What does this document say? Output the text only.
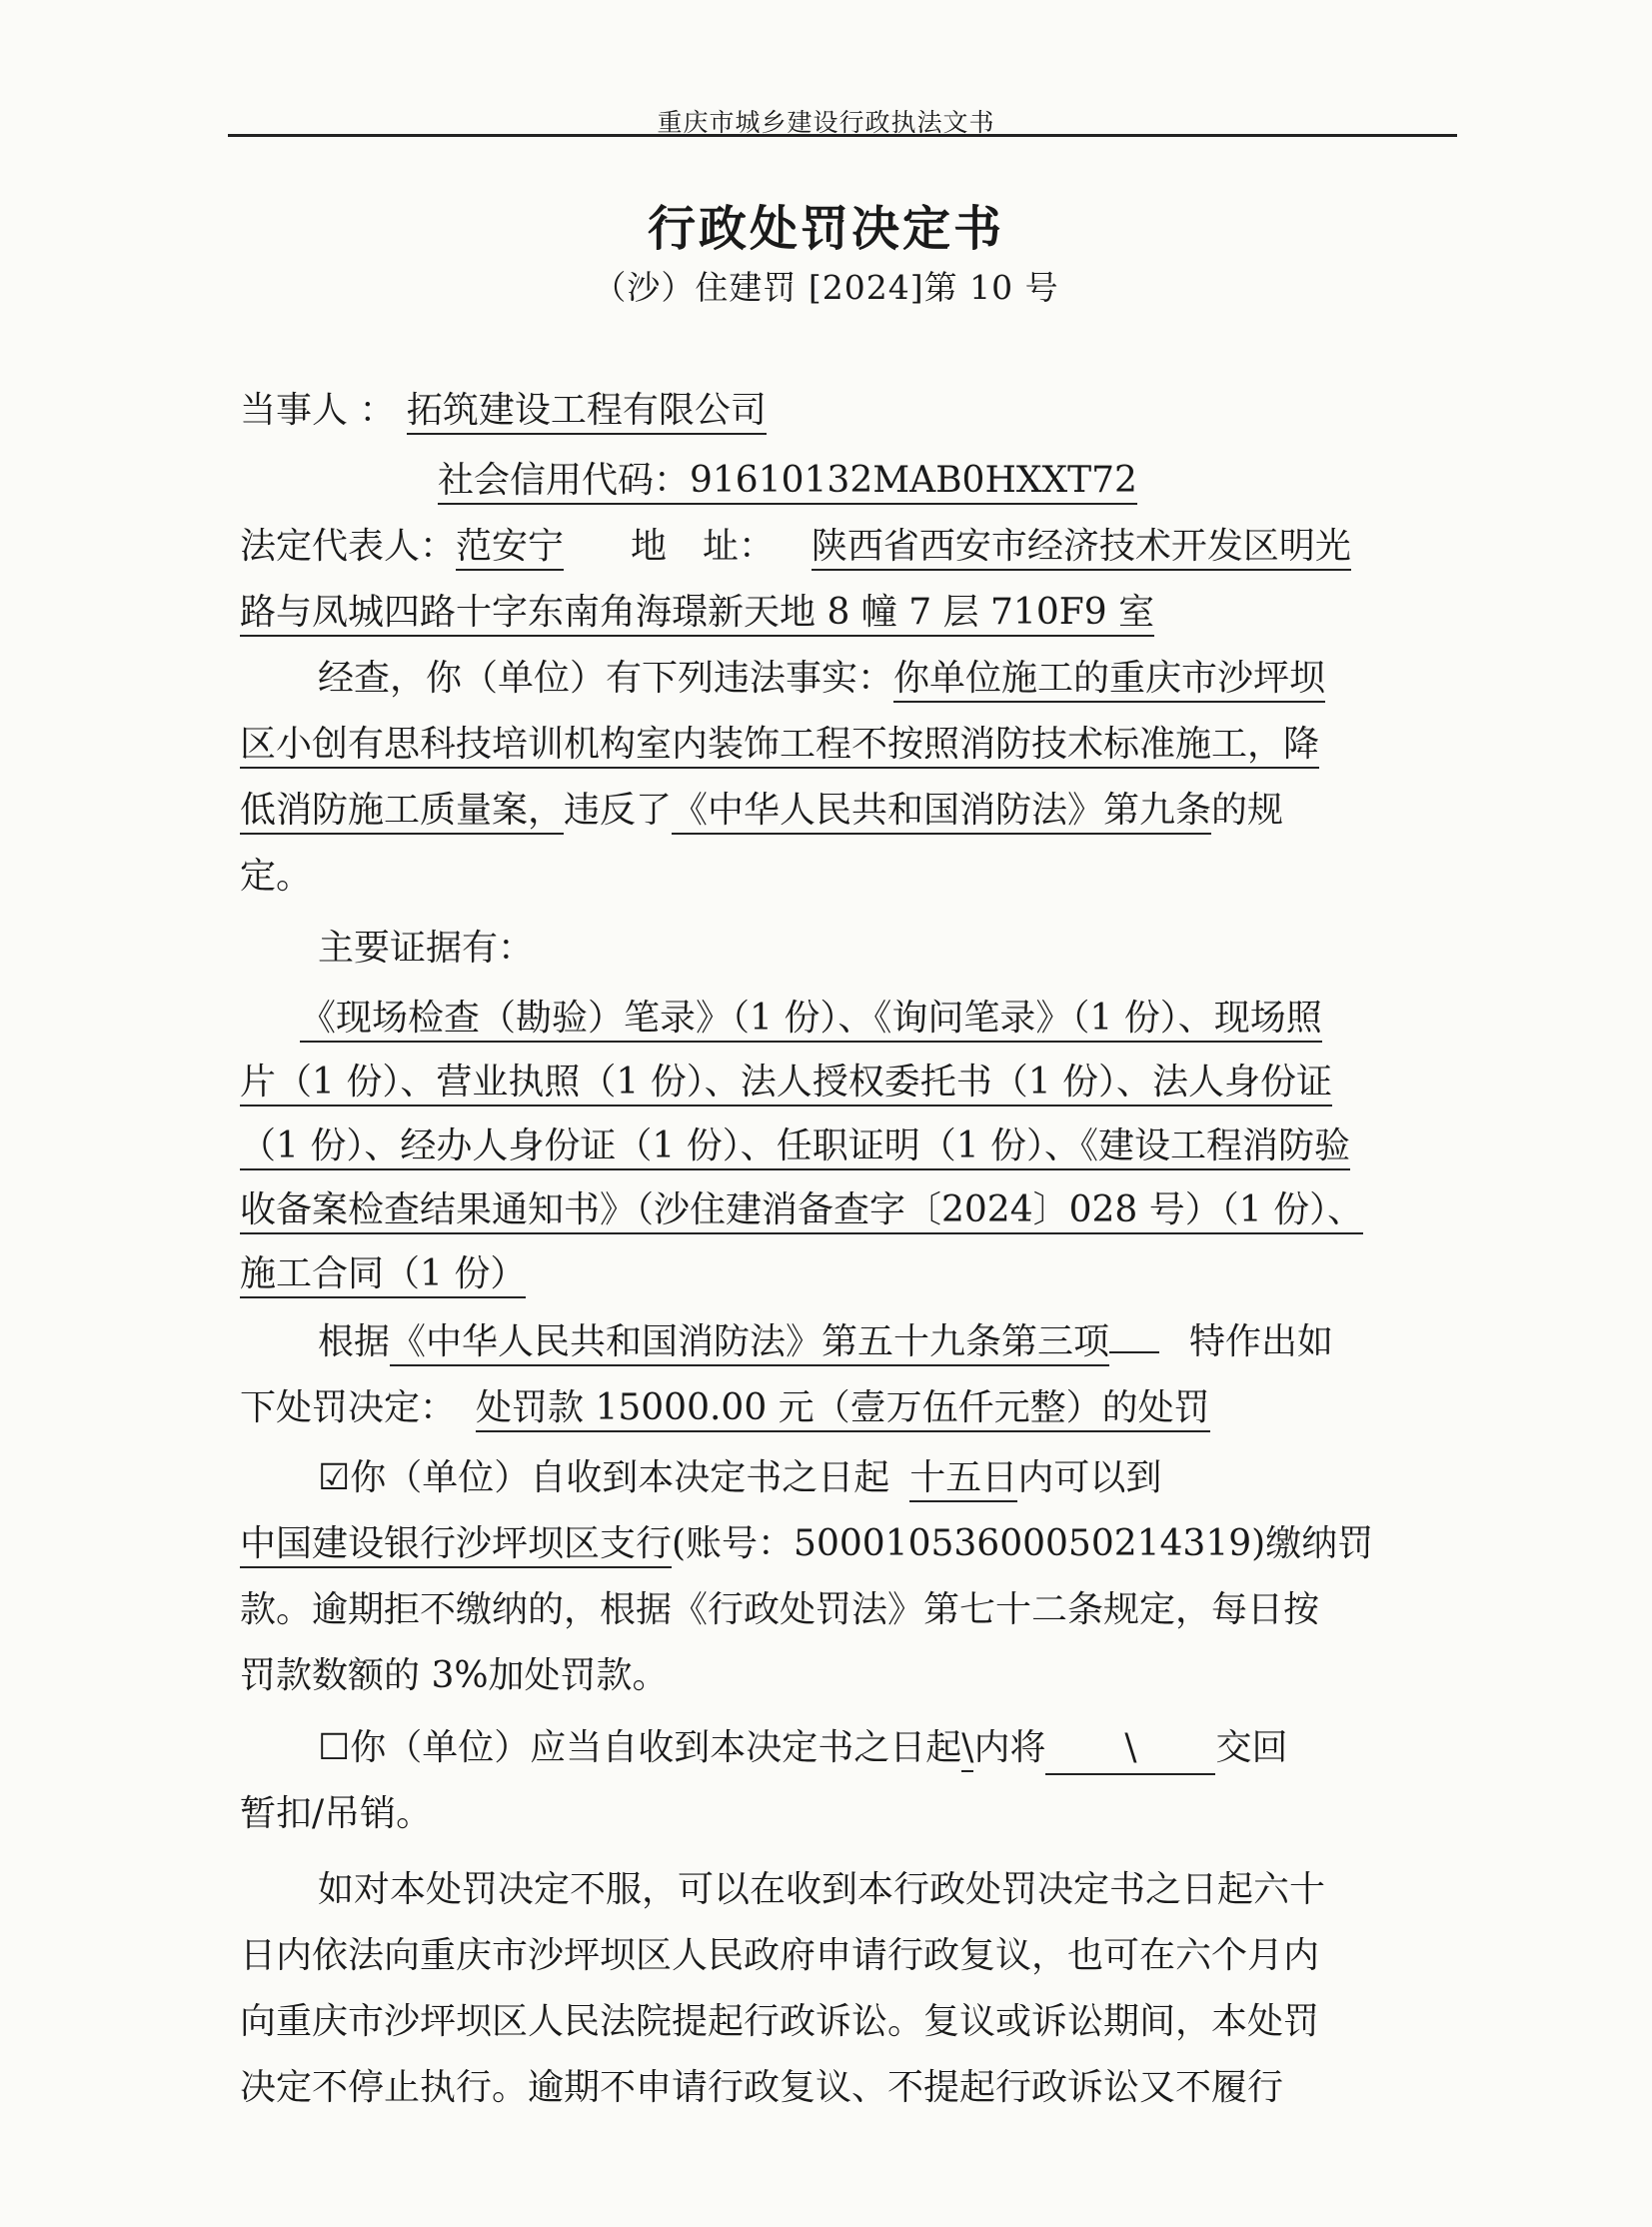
重庆市城乡建设行政执法文书
行政处罚决定书
（沙）住建罚 [2024]第 10 号
当事人 ： 拓筑建设工程有限公司
社会信用代码：91610132MAB0HXXT72
法定代表人：范安宁 地　址： 陕西省西安市经济技术开发区明光
路与凤城四路十字东南角海璟新天地 8 幢 7 层 710F9 室
经查，你（单位）有下列违法事实：你单位施工的重庆市沙坪坝
区小创有思科技培训机构室内装饰工程不按照消防技术标准施工，降
低消防施工质量案，违反了《中华人民共和国消防法》第九条的规
定。
主要证据有：
《现场检查（勘验）笔录》（1 份）、《询问笔录》（1 份）、现场照
片（1 份）、营业执照（1 份）、法人授权委托书（1 份）、法人身份证
（1 份）、经办人身份证（1 份）、任职证明（1 份）、《建设工程消防验
收备案检查结果通知书》（沙住建消备查字〔2024〕028 号）（1 份）、
施工合同（1 份）
根据《中华人民共和国消防法》第五十九条第三项 特作出如
下处罚决定： 处罚款 15000.00 元（壹万伍仟元整）的处罚
☑你（单位）自收到本决定书之日起 十五日内可以到
中国建设银行沙坪坝区支行(账号：50001053600050214319)缴纳罚
款。逾期拒不缴纳的，根据《行政处罚法》第七十二条规定，每日按
罚款数额的 3%加处罚款。
☐你（单位）应当自收到本决定书之日起\内将 \ 交回
暂扣/吊销。
如对本处罚决定不服，可以在收到本行政处罚决定书之日起六十
日内依法向重庆市沙坪坝区人民政府申请行政复议，也可在六个月内
向重庆市沙坪坝区人民法院提起行政诉讼。复议或诉讼期间，本处罚
决定不停止执行。逾期不申请行政复议、不提起行政诉讼又不履行
